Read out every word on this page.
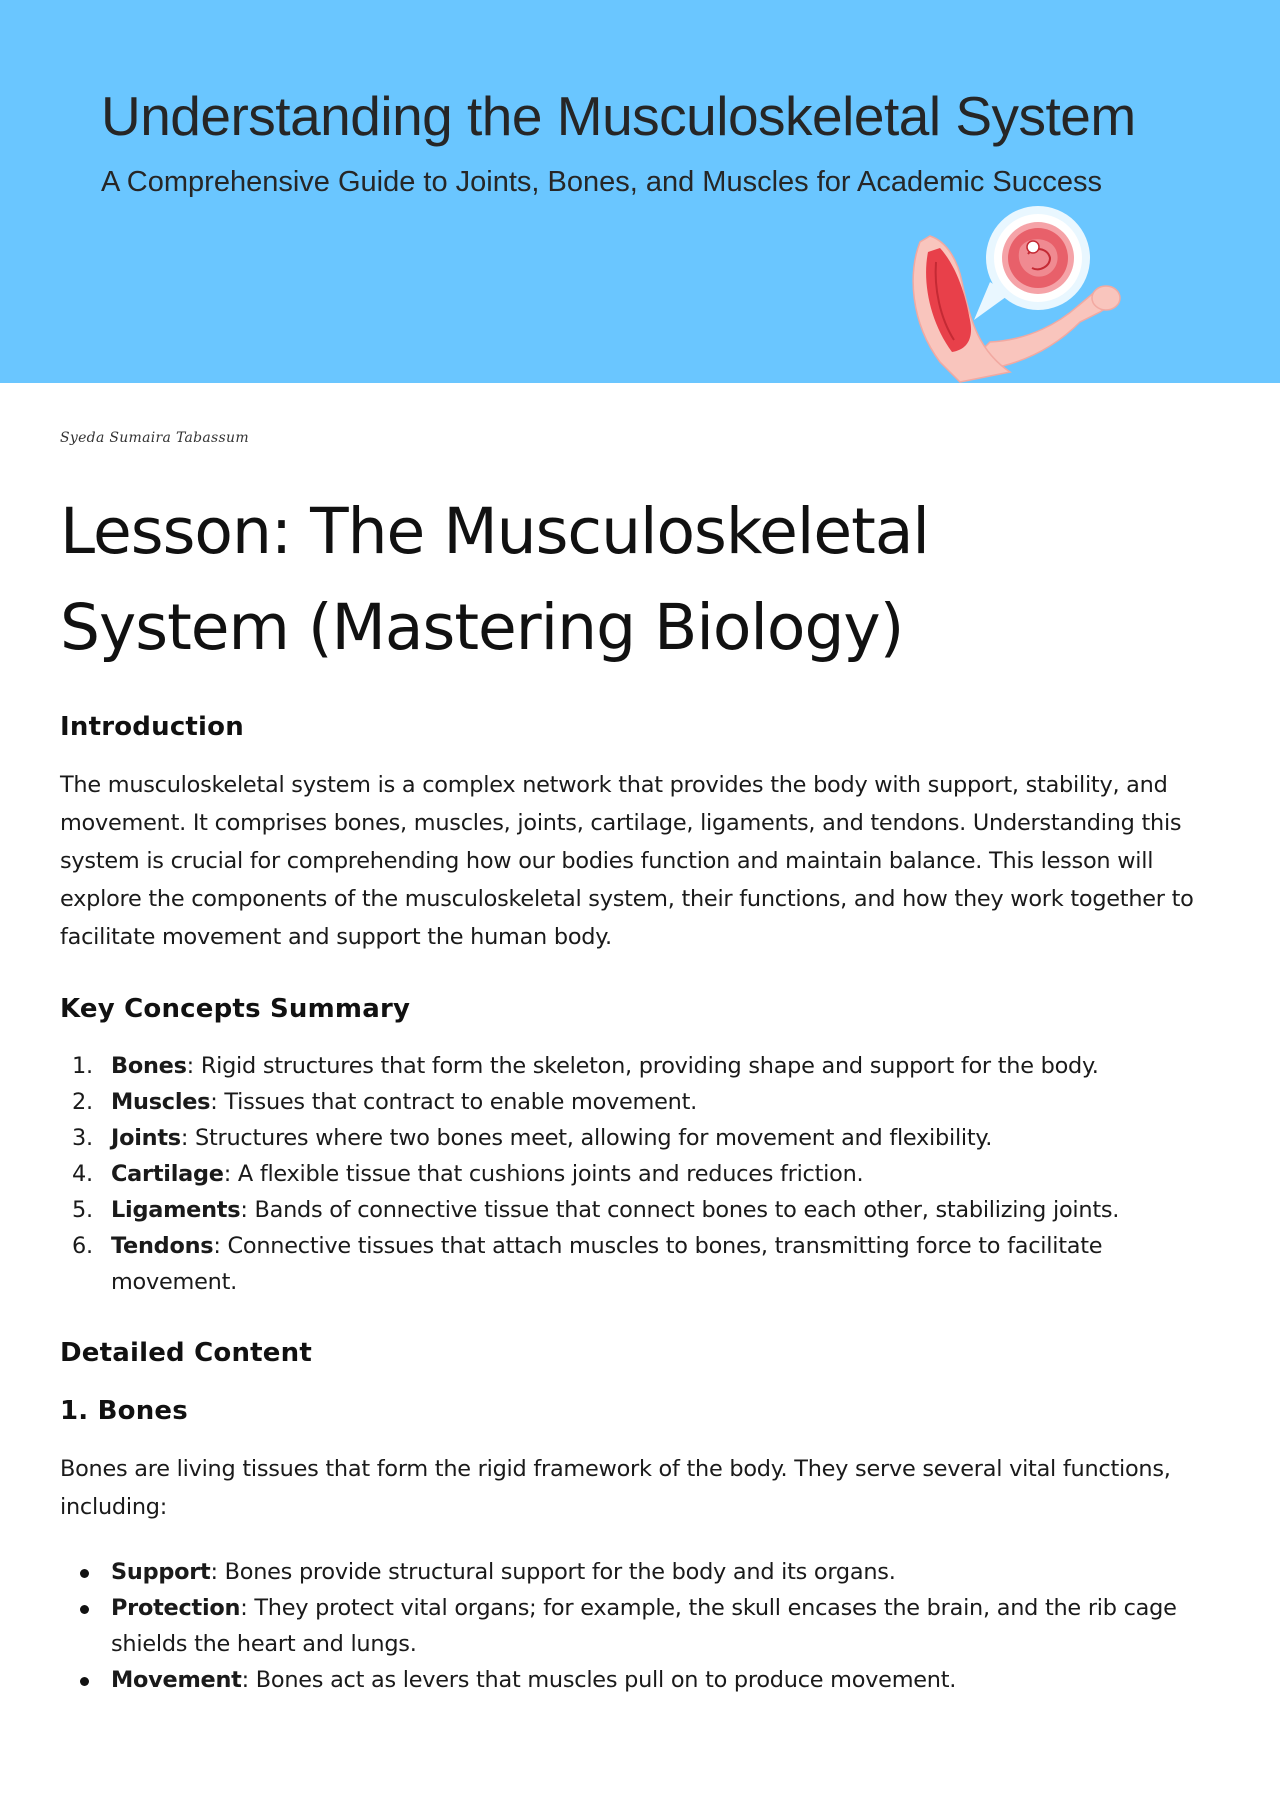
Understanding the Musculoskeletal System
A Comprehensive Guide to Joints, Bones, and Muscles for Academic Success
Syeda Sumaira Tabassum
Lesson: The Musculoskeletal System (Mastering Biology)
Introduction

The musculoskeletal system is a complex network that provides the body with support, stability, and movement. It comprises bones, muscles, joints, cartilage, ligaments, and tendons. Understanding this system is crucial for comprehending how our bodies function and maintain balance. This lesson will explore the components of the musculoskeletal system, their functions, and how they work together to facilitate movement and support the human body.

Key Concepts Summary
1. Bones: Rigid structures that form the skeleton, providing shape and support for the body.
2. Muscles: Tissues that contract to enable movement.
3. Joints: Structures where two bones meet, allowing for movement and flexibility.
4. Cartilage: A flexible tissue that cushions joints and reduces friction.
5. Ligaments: Bands of connective tissue that connect bones to each other, stabilizing joints.
6. Tendons: Connective tissues that attach muscles to bones, transmitting force to facilitate movement.
Detailed Content
1. Bones

Bones are living tissues that form the rigid framework of the body. They serve several vital functions, including:

Support: Bones provide structural support for the body and its organs.
Protection: They protect vital organs; for example, the skull encases the brain, and the rib cage shields the heart and lungs.
Movement: Bones act as levers that muscles pull on to produce movement.
